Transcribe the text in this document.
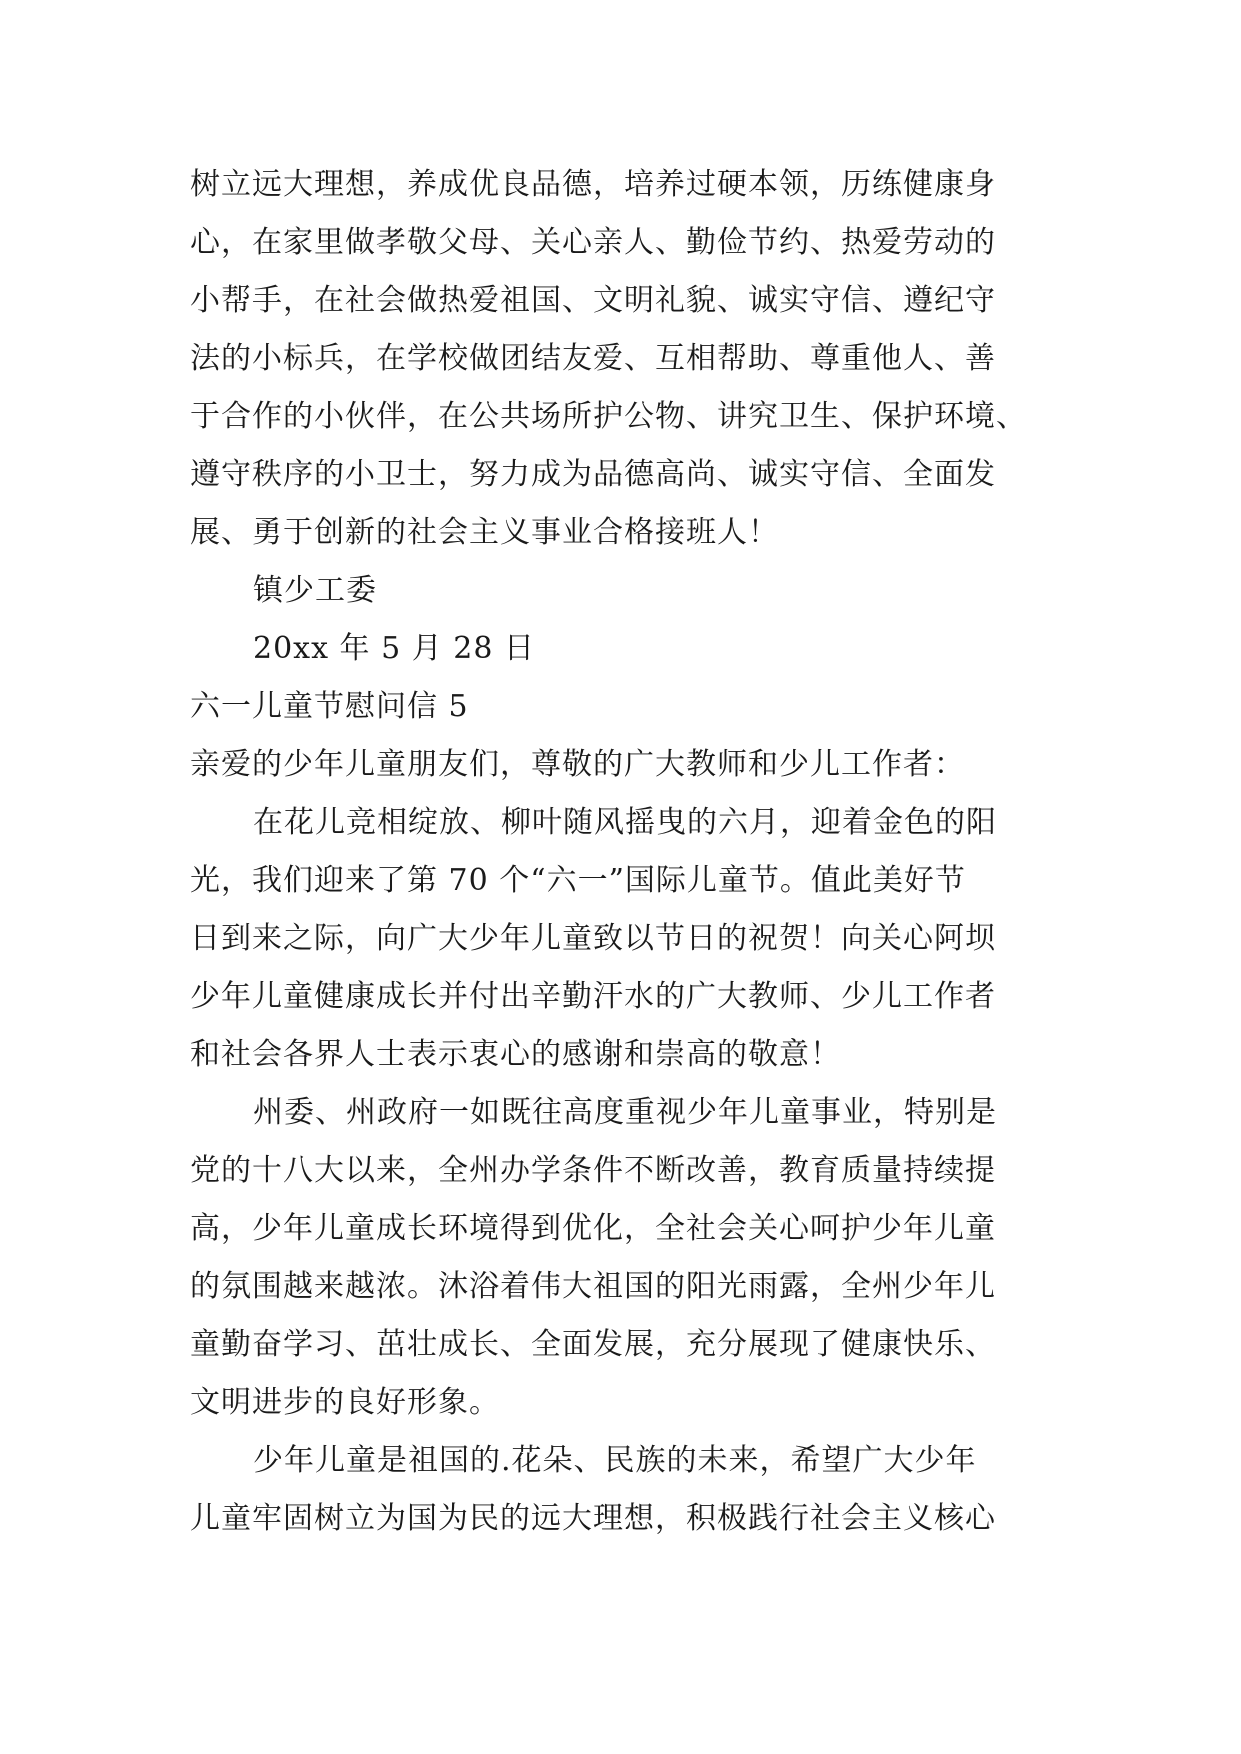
树立远大理想，养成优良品德，培养过硬本领，历练健康身
心，在家里做孝敬父母、关心亲人、勤俭节约、热爱劳动的
小帮手，在社会做热爱祖国、文明礼貌、诚实守信、遵纪守
法的小标兵，在学校做团结友爱、互相帮助、尊重他人、善
于合作的小伙伴，在公共场所护公物、讲究卫生、保护环境、
遵守秩序的小卫士，努力成为品德高尚、诚实守信、全面发
展、勇于创新的社会主义事业合格接班人！
镇少工委
20xx 年 5 月 28 日
六一儿童节慰问信 5
亲爱的少年儿童朋友们，尊敬的广大教师和少儿工作者：
在花儿竞相绽放、柳叶随风摇曳的六月，迎着金色的阳
光，我们迎来了第 70 个“六一”国际儿童节。值此美好节
日到来之际，向广大少年儿童致以节日的祝贺！向关心阿坝
少年儿童健康成长并付出辛勤汗水的广大教师、少儿工作者
和社会各界人士表示衷心的感谢和崇高的敬意！
州委、州政府一如既往高度重视少年儿童事业，特别是
党的十八大以来，全州办学条件不断改善，教育质量持续提
高，少年儿童成长环境得到优化，全社会关心呵护少年儿童
的氛围越来越浓。沐浴着伟大祖国的阳光雨露，全州少年儿
童勤奋学习、茁壮成长、全面发展，充分展现了健康快乐、
文明进步的良好形象。
少年儿童是祖国的.花朵、民族的未来，希望广大少年
儿童牢固树立为国为民的远大理想，积极践行社会主义核心
